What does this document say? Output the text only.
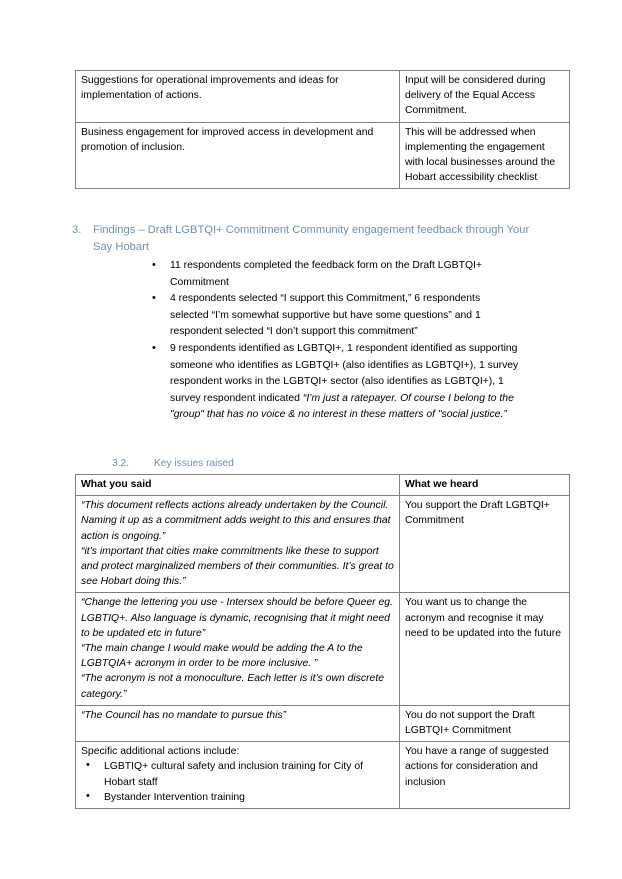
Suggestions for operational improvements and ideas for implementation of actions.	Input will be considered during delivery of the Equal Access Commitment.
Business engagement for improved access in development and promotion of inclusion.	This will be addressed when implementing the engagement with local businesses around the Hobart accessibility checklist
3.	Findings – Draft LGBTQI+ Commitment Community engagement feedback through Your Say Hobart
• 11 respondents completed the feedback form on the Draft LGBTQI+ Commitment
• 4 respondents selected “I support this Commitment,” 6 respondents selected “I’m somewhat supportive but have some questions” and 1 respondent selected “I don’t support this commitment”
• 9 respondents identified as LGBTQI+, 1 respondent identified as supporting someone who identifies as LGBTQI+ (also identifies as LGBTQI+), 1 survey respondent works in the LGBTQI+ sector (also identifies as LGBTQI+), 1 survey respondent indicated “I’m just a ratepayer. Of course I belong to the "group" that has no voice & no interest in these matters of "social justice.”
3.2. Key issues raised
What you said	What we heard

“This document reflects actions already undertaken by the Council. Naming it up as a commitment adds weight to this and ensures that action is ongoing.”
“it’s important that cities make commitments like these to support and protect marginalized members of their communities. It’s great to see Hobart doing this.”	You support the Draft LGBTQI+ Commitment

“Change the lettering you use - Intersex should be before Queer eg. LGBTIQ+. Also language is dynamic, recognising that it might need to be updated etc in future”
“The main change I would make would be adding the A to the LGBTQIA+ acronym in order to be more inclusive. ”
“The acronym is not a monoculture. Each letter is it’s own discrete category.”	You want us to change the acronym and recognise it may need to be updated into the future

“The Council has no mandate to pursue this”	You do not support the Draft LGBTQI+ Commitment

Specific additional actions include:
• LGBTIQ+ cultural safety and inclusion training for City of Hobart staff
• Bystander Intervention training
	You have a range of suggested actions for consideration and inclusion
